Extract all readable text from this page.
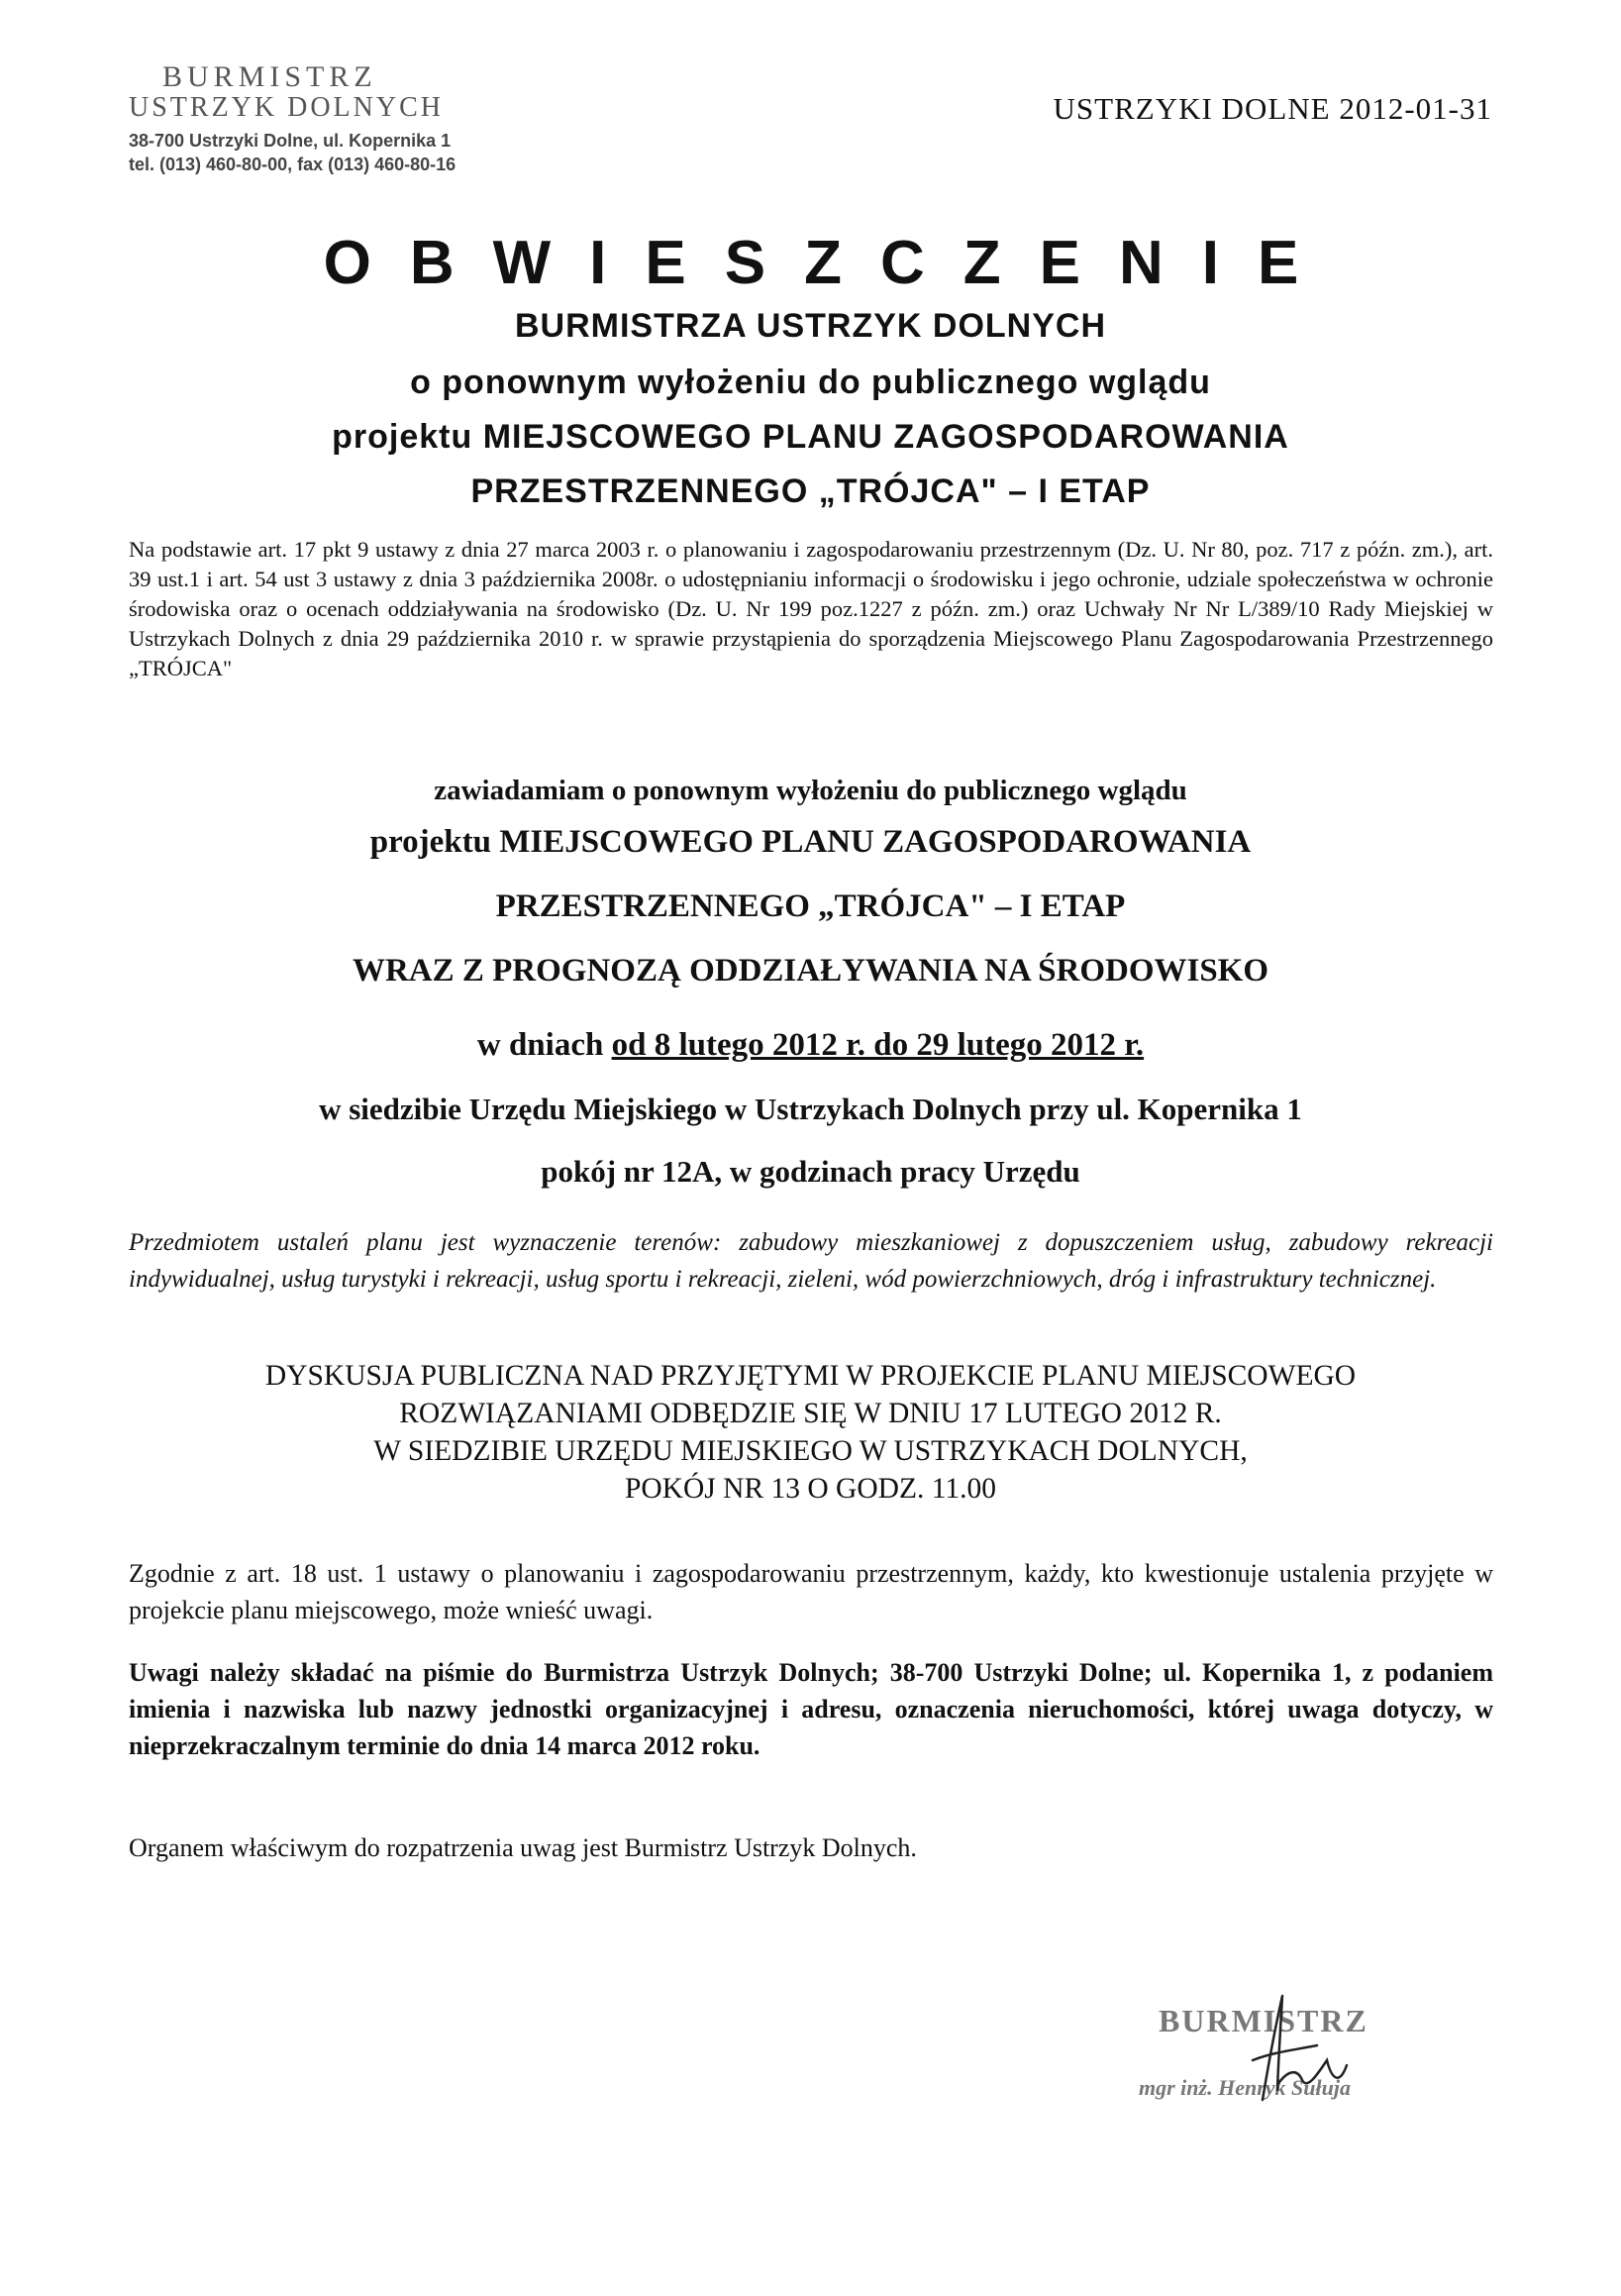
BURMISTRZ
USTRZYK DOLNYCH
38-700 Ustrzyki Dolne, ul. Kopernika 1
tel. (013) 460-80-00, fax (013) 460-80-16
USTRZYKI DOLNE 2012-01-31
OBWIESZCZENIE
BURMISTRZA USTRZYK DOLNYCH
o ponownym wyłożeniu do publicznego wglądu
projektu MIEJSCOWEGO PLANU ZAGOSPODAROWANIA
PRZESTRZENNEGO „TRÓJCA" – I ETAP
Na podstawie art. 17 pkt 9 ustawy z dnia 27 marca 2003 r. o planowaniu i zagospodarowaniu przestrzennym (Dz. U. Nr 80, poz. 717 z późn. zm.), art. 39 ust.1 i art. 54 ust 3 ustawy z dnia 3 października 2008r. o udostępnianiu informacji o środowisku i jego ochronie, udziale społeczeństwa w ochronie środowiska oraz o ocenach oddziaływania na środowisko (Dz. U. Nr 199 poz.1227 z późn. zm.) oraz Uchwały Nr Nr L/389/10 Rady Miejskiej w Ustrzykach Dolnych z dnia 29 października 2010 r. w sprawie przystąpienia do sporządzenia Miejscowego Planu Zagospodarowania Przestrzennego „TRÓJCA"
zawiadamiam o ponownym wyłożeniu do publicznego wglądu
projektu MIEJSCOWEGO PLANU ZAGOSPODAROWANIA
PRZESTRZENNEGO „TRÓJCA" – I ETAP
WRAZ Z PROGNOZĄ ODDZIAŁYWANIA NA ŚRODOWISKO
w dniach od 8 lutego 2012 r. do 29 lutego 2012 r.
w siedzibie Urzędu Miejskiego w Ustrzykach Dolnych przy ul. Kopernika 1
pokój nr 12A, w godzinach pracy Urzędu
Przedmiotem ustaleń planu jest wyznaczenie terenów: zabudowy mieszkaniowej z dopuszczeniem usług, zabudowy rekreacji indywidualnej, usług turystyki i rekreacji, usług sportu i rekreacji, zieleni, wód powierzchniowych, dróg i infrastruktury technicznej.
DYSKUSJA PUBLICZNA NAD PRZYJĘTYMI W PROJEKCIE PLANU MIEJSCOWEGO
ROZWIĄZANIAMI ODBĘDZIE SIĘ W DNIU 17 LUTEGO 2012 R.
W SIEDZIBIE URZĘDU MIEJSKIEGO W USTRZYKACH DOLNYCH,
POKÓJ NR 13 O GODZ. 11.00
Zgodnie z art. 18 ust. 1 ustawy o planowaniu i zagospodarowaniu przestrzennym, każdy, kto kwestionuje ustalenia przyjęte w projekcie planu miejscowego, może wnieść uwagi.
Uwagi należy składać na piśmie do Burmistrza Ustrzyk Dolnych; 38-700 Ustrzyki Dolne; ul. Kopernika 1, z podaniem imienia i nazwiska lub nazwy jednostki organizacyjnej i adresu, oznaczenia nieruchomości, której uwaga dotyczy, w nieprzekraczalnym terminie do dnia 14 marca 2012 roku.
Organem właściwym do rozpatrzenia uwag jest Burmistrz Ustrzyk Dolnych.
BURMISTRZ
mgr inż. Henryk Sułuja
